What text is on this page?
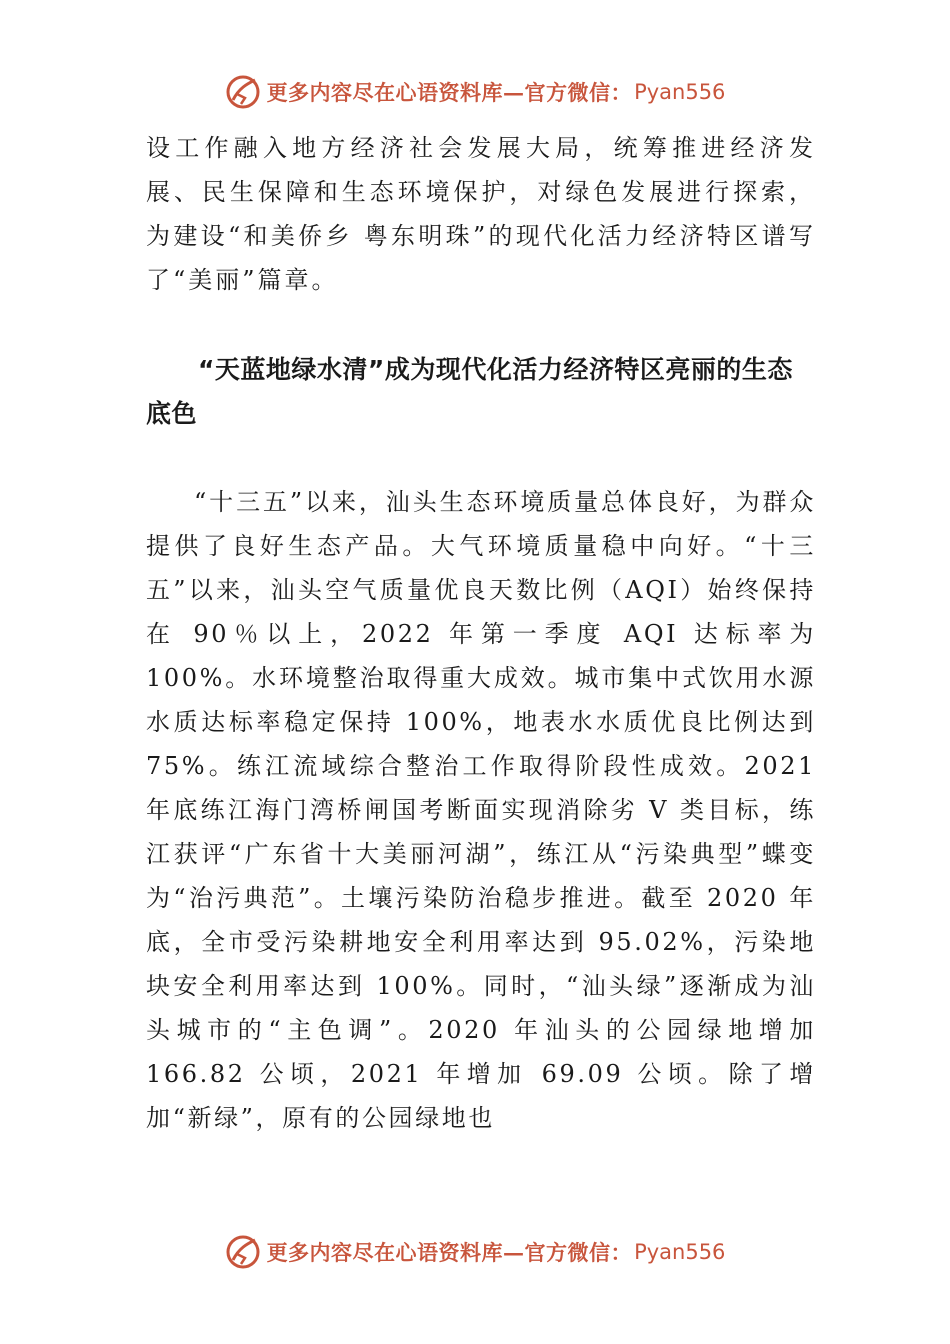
更多内容尽在心语资料库—官方微信： Pyan556

设工作融入地方经济社会发展大局，统筹推进经济发展、民生保障和生态环境保护，对绿色发展进行探索，为建设“和美侨乡 粤东明珠”的现代化活力经济特区谱写了“美丽”篇章。

“天蓝地绿水清”成为现代化活力经济特区亮丽的生态底色

“十三五”以来，汕头生态环境质量总体良好，为群众提供了良好生态产品。大气环境质量稳中向好。“十三五”以来，汕头空气质量优良天数比例（AQI）始终保持在 90％以上，2022 年第一季度 AQI 达标率为 100%。水环境整治取得重大成效。城市集中式饮用水源水质达标率稳定保持 100%，地表水水质优良比例达到 75%。练江流域综合整治工作取得阶段性成效。2021 年底练江海门湾桥闸国考断面实现消除劣 V 类目标，练江获评“广东省十大美丽河湖”，练江从“污染典型”蝶变为“治污典范”。土壤污染防治稳步推进。截至 2020 年底，全市受污染耕地安全利用率达到 95.02%，污染地块安全利用率达到 100%。同时，“汕头绿”逐渐成为汕头城市的“主色调”。2020 年汕头的公园绿地增加 166.82 公顷，2021 年增加 69.09 公顷。除了增加“新绿”，原有的公园绿地也

更多内容尽在心语资料库—官方微信： Pyan556
